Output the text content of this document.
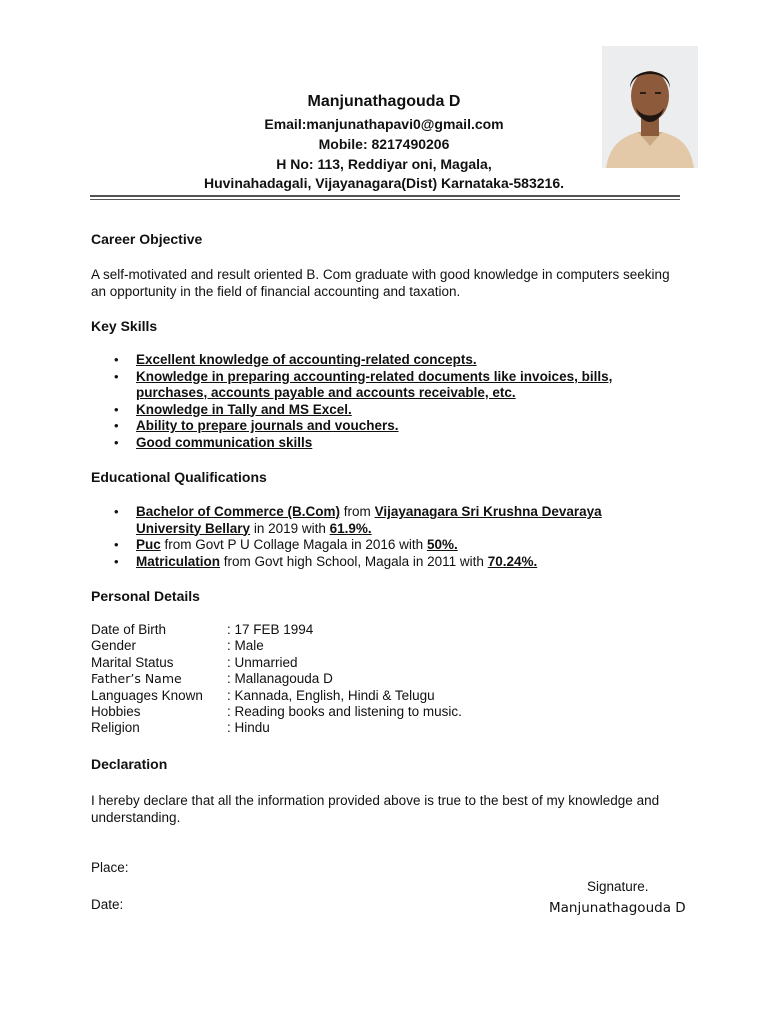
Manjunathagouda D
Email:manjunathapavi0@gmail.com
Mobile: 8217490206
H No: 113, Reddiyar oni, Magala,
Huvinahadagali, Vijayanagara(Dist) Karnataka-583216.
Career Objective
A self-motivated and result oriented B. Com graduate with good knowledge in computers seeking an opportunity in the field of financial accounting and taxation.
Key Skills
• Excellent knowledge of accounting-related concepts.
• Knowledge in preparing accounting-related documents like invoices, bills, purchases, accounts payable and accounts receivable, etc.
• Knowledge in Tally and MS Excel.
• Ability to prepare journals and vouchers.
• Good communication skills
Educational Qualifications
• Bachelor of Commerce (B.Com) from Vijayanagara Sri Krushna Devaraya University Bellary in 2019 with 61.9%.
• Puc from Govt P U Collage Magala in 2016 with 50%.
• Matriculation from Govt high School, Magala in 2011 with 70.24%.
Personal Details
Date of Birth	: 17 FEB 1994
Gender	: Male
Marital Status	: Unmarried
Father’s Name	: Mallanagouda D
Languages Known	: Kannada, English, Hindi & Telugu
Hobbies	: Reading books and listening to music.
Religion	: Hindu
Declaration
I hereby declare that all the information provided above is true to the best of my knowledge and understanding.
Place:
Signature.
Date:	Manjunathagouda D
